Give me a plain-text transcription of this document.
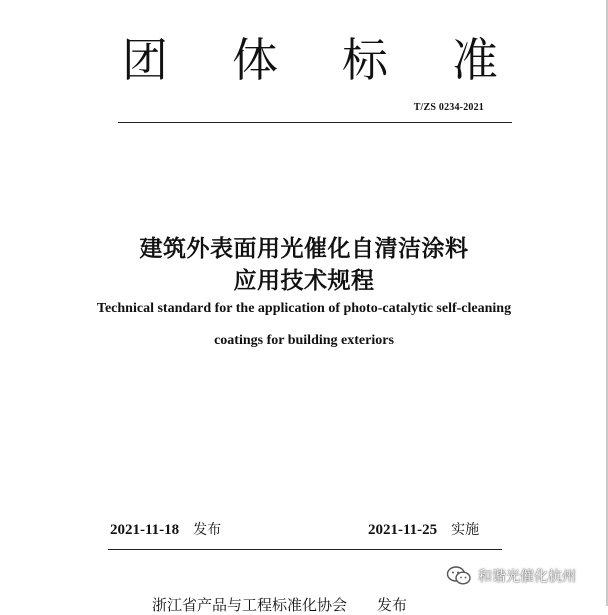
团 体 标 准
T/ZS 0234-2021
建筑外表面用光催化自清洁涂料
应用技术规程
Technical standard for the application of photo-catalytic self-cleaning
coatings for building exteriors
2021-11-18 发布	2021-11-25 实施
浙江省产品与工程标准化协会 发布
和谐光催化杭州
